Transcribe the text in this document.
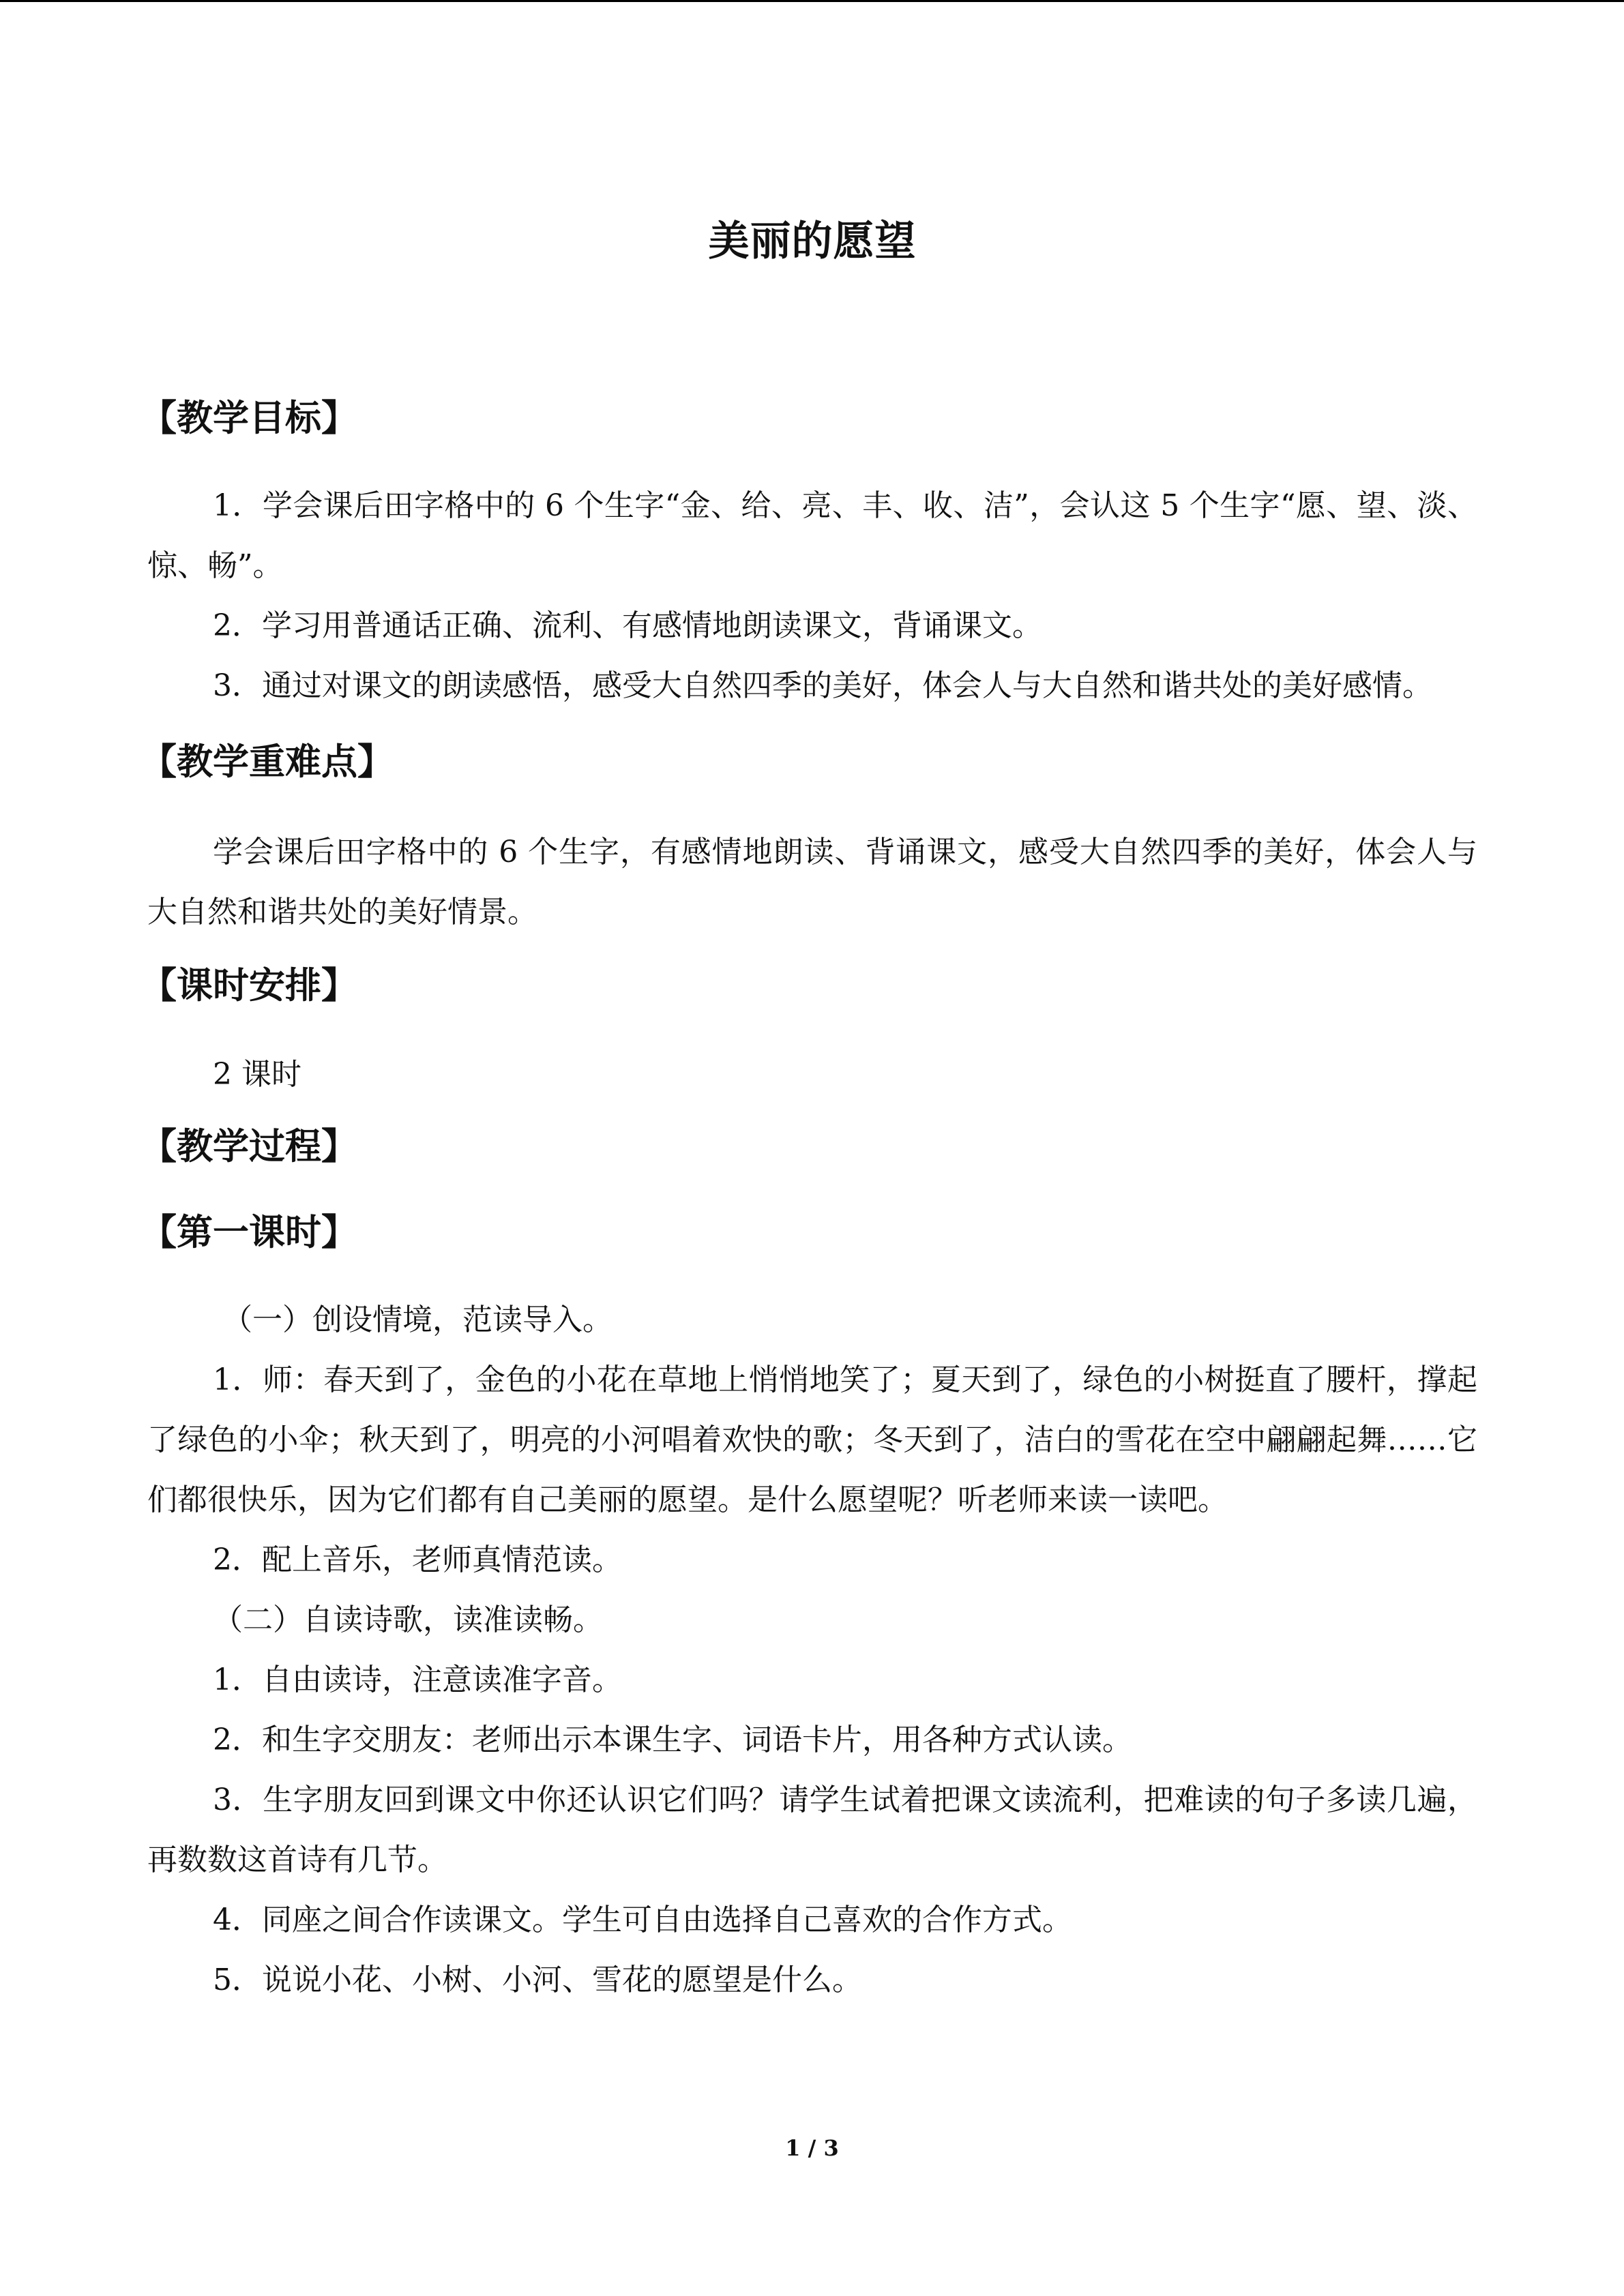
美丽的愿望
【教学目标】

1．学会课后田字格中的 6 个生字“金、给、亮、丰、收、洁”，会认这 5 个生字“愿、望、淡、惊、畅”。

2．学习用普通话正确、流利、有感情地朗读课文，背诵课文。

3．通过对课文的朗读感悟，感受大自然四季的美好，体会人与大自然和谐共处的美好感情。

【教学重难点】

学会课后田字格中的 6 个生字，有感情地朗读、背诵课文，感受大自然四季的美好，体会人与大自然和谐共处的美好情景。

【课时安排】

2 课时

【教学过程】
【第一课时】

（一）创设情境，范读导入。

1．师：春天到了，金色的小花在草地上悄悄地笑了；夏天到了，绿色的小树挺直了腰杆，撑起了绿色的小伞；秋天到了，明亮的小河唱着欢快的歌；冬天到了，洁白的雪花在空中翩翩起舞……它们都很快乐，因为它们都有自己美丽的愿望。是什么愿望呢？听老师来读一读吧。

2．配上音乐，老师真情范读。

（二）自读诗歌，读准读畅。

1．自由读诗，注意读准字音。

2．和生字交朋友：老师出示本课生字、词语卡片，用各种方式认读。

3．生字朋友回到课文中你还认识它们吗？请学生试着把课文读流利，把难读的句子多读几遍，再数数这首诗有几节。

4．同座之间合作读课文。学生可自由选择自己喜欢的合作方式。

5．说说小花、小树、小河、雪花的愿望是什么。

1 / 3
